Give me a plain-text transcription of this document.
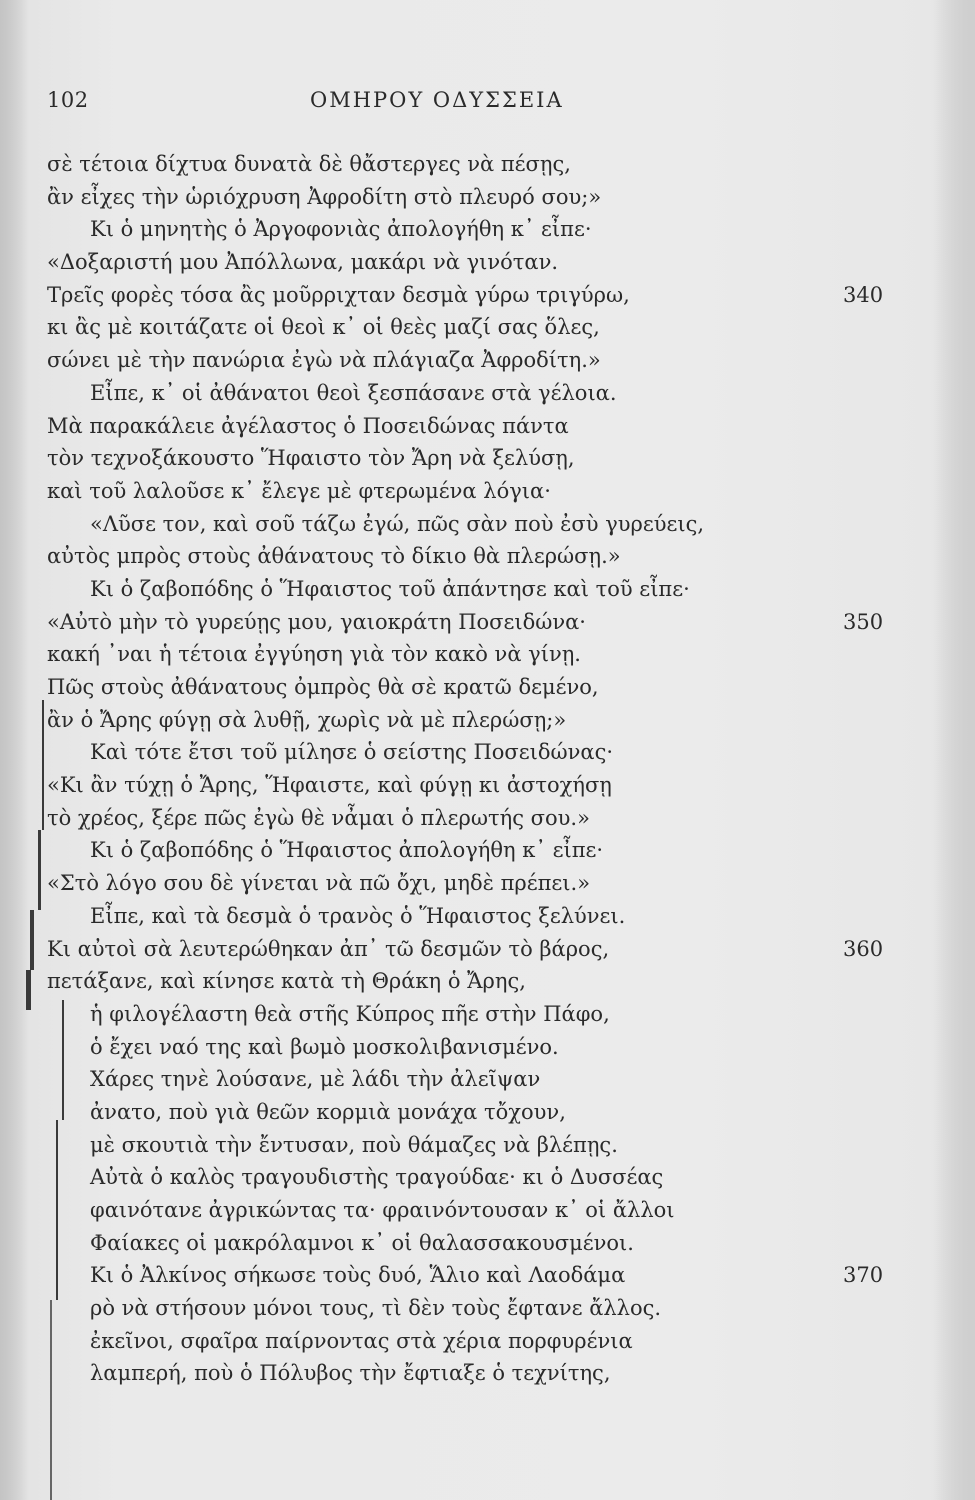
102	ΟΜΗΡΟΥ ΟΔΥΣΣΕΙΑ
σὲ τέτοια δίχτυα δυνατὰ δὲ θἄστεργες νὰ πέσῃς,
ἂν εἶχες τὴν ὡριόχρυση Ἀφροδίτη στὸ πλευρό σου;»
Κι ὁ μηνητὴς ὁ Ἀργοφονιὰς ἀπολογήθη κ᾽ εἶπε·
«Δοξαριστή μου Ἀπόλλωνα, μακάρι νὰ γινόταν.
Τρεῖς φορὲς τόσα ἂς μοῦρριχταν δεσμὰ γύρω τριγύρω,	340
κι ἂς μὲ κοιτάζατε οἱ θεοὶ κ᾽ οἱ θεὲς μαζί σας ὅλες,
σώνει μὲ τὴν πανώρια ἐγὼ νὰ πλάγιαζα Ἀφροδίτη.»
Εἶπε, κ᾽ οἱ ἀθάνατοι θεοὶ ξεσπάσανε στὰ γέλοια.
Μὰ παρακάλειε ἀγέλαστος ὁ Ποσειδώνας πάντα
τὸν τεχνοξάκουστο Ἥφαιστο τὸν Ἄρη νὰ ξελύσῃ,
καὶ τοῦ λαλοῦσε κ᾽ ἔλεγε μὲ φτερωμένα λόγια·
«Λῦσε τον, καὶ σοῦ τάζω ἐγώ, πῶς σὰν ποὺ ἐσὺ γυρεύεις,
αὐτὸς μπρὸς στοὺς ἀθάνατους τὸ δίκιο θὰ πλερώσῃ.»
Κι ὁ ζαβοπόδης ὁ Ἥφαιστος τοῦ ἀπάντησε καὶ τοῦ εἶπε·
«Αὐτὸ μὴν τὸ γυρεύῃς μου, γαιοκράτη Ποσειδώνα·	350
κακή ᾿ναι ἡ τέτοια ἐγγύηση γιὰ τὸν κακὸ νὰ γίνῃ.
Πῶς στοὺς ἀθάνατους ὀμπρὸς θὰ σὲ κρατῶ δεμένο,
ἂν ὁ Ἄρης φύγῃ σὰ λυθῇ, χωρὶς νὰ μὲ πλερώσῃ;»
Καὶ τότε ἔτσι τοῦ μίλησε ὁ σείστης Ποσειδώνας·
«Κι ἂν τύχῃ ὁ Ἄρης, Ἥφαιστε, καὶ φύγῃ κι ἀστοχήσῃ
τὸ χρέος, ξέρε πῶς ἐγὼ θὲ νἆμαι ὁ πλερωτής σου.»
Κι ὁ ζαβοπόδης ὁ Ἥφαιστος ἀπολογήθη κ᾽ εἶπε·
«Στὸ λόγο σου δὲ γίνεται νὰ πῶ ὄχι, μηδὲ πρέπει.»
Εἶπε, καὶ τὰ δεσμὰ ὁ τρανὸς ὁ Ἥφαιστος ξελύνει.
Κι αὐτοὶ σὰ λευτερώθηκαν ἀπ᾽ τῶ δεσμῶν τὸ βάρος,	360
πετάξανε, καὶ κίνησε κατὰ τὴ Θράκη ὁ Ἄρης,
ἡ φιλογέλαστη θεὰ στῆς Κύπρος πῆε στὴν Πάφο,
ὁ ἔχει ναό της καὶ βωμὸ μοσκολιβανισμένο.
Χάρες τηνὲ λούσανε, μὲ λάδι τὴν ἀλεῖψαν
ἀνατο, ποὺ γιὰ θεῶν κορμιὰ μονάχα τὄχουν,
μὲ σκουτιὰ τὴν ἔντυσαν, ποὺ θάμαζες νὰ βλέπῃς.
Αὐτὰ ὁ καλὸς τραγουδιστὴς τραγούδαε· κι ὁ Δυσσέας
φαινότανε ἀγρικώντας τα· φραινόντουσαν κ᾽ οἱ ἄλλοι
Φαίακες οἱ μακρόλαμνοι κ᾽ οἱ θαλασσακουσμένοι.
Κι ὁ Ἀλκίνος σήκωσε τοὺς δυό, Ἅλιο καὶ Λαοδάμα	370
ρὸ νὰ στήσουν μόνοι τους, τὶ δὲν τοὺς ἔφτανε ἄλλος.
ἐκεῖνοι, σφαῖρα παίρνοντας στὰ χέρια πορφυρένια
λαμπερή, ποὺ ὁ Πόλυβος τὴν ἔφτιαξε ὁ τεχνίτης,
